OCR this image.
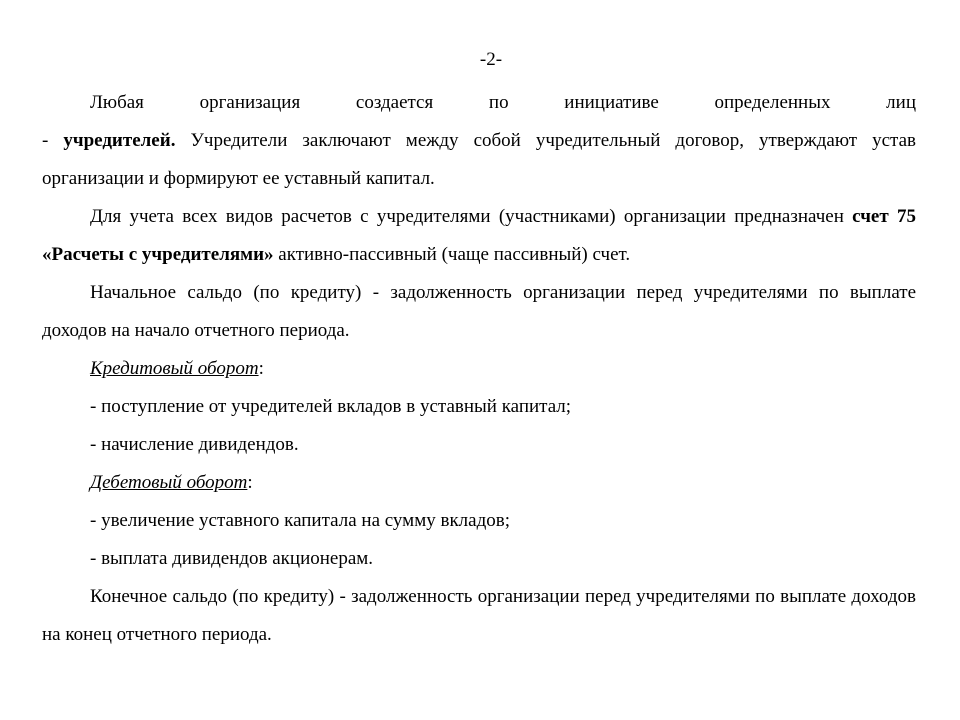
-2-

Любая организация создается по инициативе определенных лиц

- учредителей. Учредители заключают между собой учредительный договор, утверждают устав организации и формируют ее уставный капитал.

Для учета всех видов расчетов с учредителями (участниками) организации предназначен счет 75 «Расчеты с учредителями» активно-пассивный (чаще пассивный) счет.

Начальное сальдо (по кредиту) - задолженность организации перед учредителями по выплате доходов на начало отчетного периода.

Кредитовый оборот:

- поступление от учредителей вкладов в уставный капитал;

- начисление дивидендов.

Дебетовый оборот:

- увеличение уставного капитала на сумму вкладов;

- выплата дивидендов акционерам.

Конечное сальдо (по кредиту) - задолженность организации перед учредителями по выплате доходов на конец отчетного периода.
